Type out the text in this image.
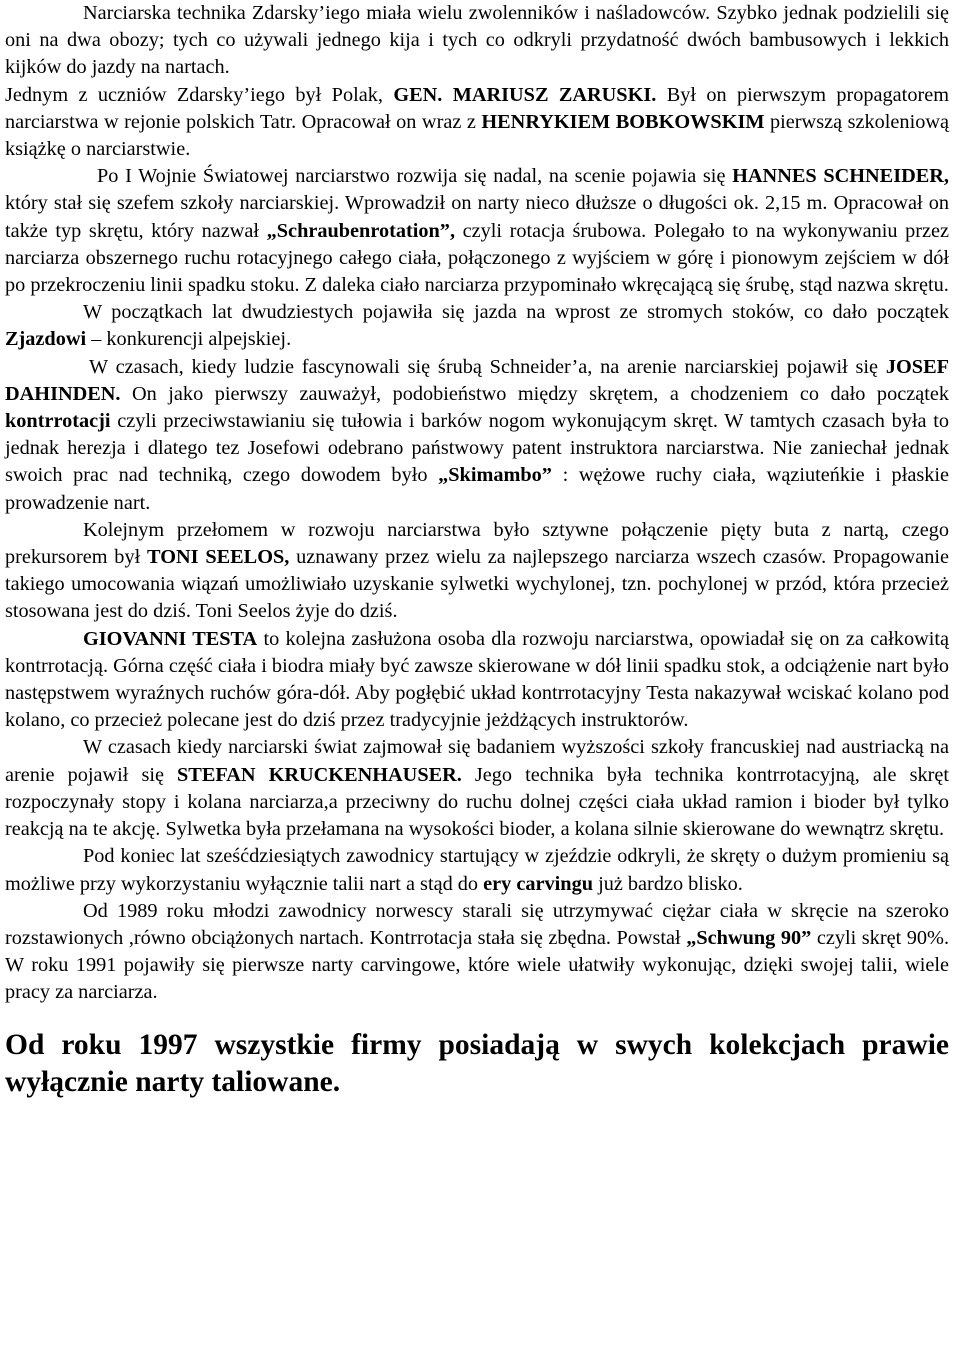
Narciarska technika Zdarsky’iego miała wielu zwolenników i naśladowców. Szybko jednak podzielili się oni na dwa obozy; tych co używali jednego kija i tych co odkryli przydatność dwóch bambusowych i lekkich kijków do jazdy na nartach.

Jednym z uczniów Zdarsky’iego był Polak, GEN. MARIUSZ ZARUSKI. Był on pierwszym propagatorem narciarstwa w rejonie polskich Tatr. Opracował on wraz z HENRYKIEM BOBKOWSKIM pierwszą szkoleniową książkę o narciarstwie.

Po I Wojnie Światowej narciarstwo rozwija się nadal, na scenie pojawia się HANNES SCHNEIDER, który stał się szefem szkoły narciarskiej. Wprowadził on narty nieco dłuższe o długości ok. 2,15 m. Opracował on także typ skrętu, który nazwał „Schraubenrotation”, czyli rotacja śrubowa. Polegało to na wykonywaniu przez narciarza obszernego ruchu rotacyjnego całego ciała, połączonego z wyjściem w górę i pionowym zejściem w dół po przekroczeniu linii spadku stoku. Z daleka ciało narciarza przypominało wkręcającą się śrubę, stąd nazwa skrętu.

W początkach lat dwudziestych pojawiła się jazda na wprost ze stromych stoków, co dało początek Zjazdowi – konkurencji alpejskiej.

W czasach, kiedy ludzie fascynowali się śrubą Schneider’a, na arenie narciarskiej pojawił się JOSEF DAHINDEN. On jako pierwszy zauważył, podobieństwo między skrętem, a chodzeniem co dało początek kontrrotacji czyli przeciwstawianiu się tułowia i barków nogom wykonującym skręt. W tamtych czasach była to jednak herezja i dlatego tez Josefowi odebrano państwowy patent instruktora narciarstwa. Nie zaniechał jednak swoich prac nad techniką, czego dowodem było „Skimambo” : wężowe ruchy ciała, wąziuteńkie i płaskie prowadzenie nart.

Kolejnym przełomem w rozwoju narciarstwa było sztywne połączenie pięty buta z nartą, czego prekursorem był TONI SEELOS, uznawany przez wielu za najlepszego narciarza wszech czasów. Propagowanie takiego umocowania wiązań umożliwiało uzyskanie sylwetki wychylonej, tzn. pochylonej w przód, która przecież stosowana jest do dziś. Toni Seelos żyje do dziś.

GIOVANNI TESTA to kolejna zasłużona osoba dla rozwoju narciarstwa, opowiadał się on za całkowitą kontrrotacją. Górna część ciała i biodra miały być zawsze skierowane w dół linii spadku stok, a odciążenie nart było następstwem wyraźnych ruchów góra-dół. Aby pogłębić układ kontrrotacyjny Testa nakazywał wciskać kolano pod kolano, co przecież polecane jest do dziś przez tradycyjnie jeżdżących instruktorów.

W czasach kiedy narciarski świat zajmował się badaniem wyższości szkoły francuskiej nad austriacką na arenie pojawił się STEFAN KRUCKENHAUSER. Jego technika była technika kontrrotacyjną, ale skręt rozpoczynały stopy i kolana narciarza,a przeciwny do ruchu dolnej części ciała układ ramion i bioder był tylko reakcją na te akcję. Sylwetka była przełamana na wysokości bioder, a kolana silnie skierowane do wewnątrz skrętu.

Pod koniec lat sześćdziesiątych zawodnicy startujący w zjeździe odkryli, że skręty o dużym promieniu są możliwe przy wykorzystaniu wyłącznie talii nart a stąd do ery carvingu już bardzo blisko.

Od 1989 roku młodzi zawodnicy norwescy starali się utrzymywać ciężar ciała w skręcie na szeroko rozstawionych ,równo obciążonych nartach. Kontrrotacja stała się zbędna. Powstał „Schwung 90” czyli skręt 90%. W roku 1991 pojawiły się pierwsze narty carvingowe, które wiele ułatwiły wykonując, dzięki swojej talii, wiele pracy za narciarza.

Od roku 1997 wszystkie firmy posiadają w swych kolekcjach prawie wyłącznie narty taliowane.
